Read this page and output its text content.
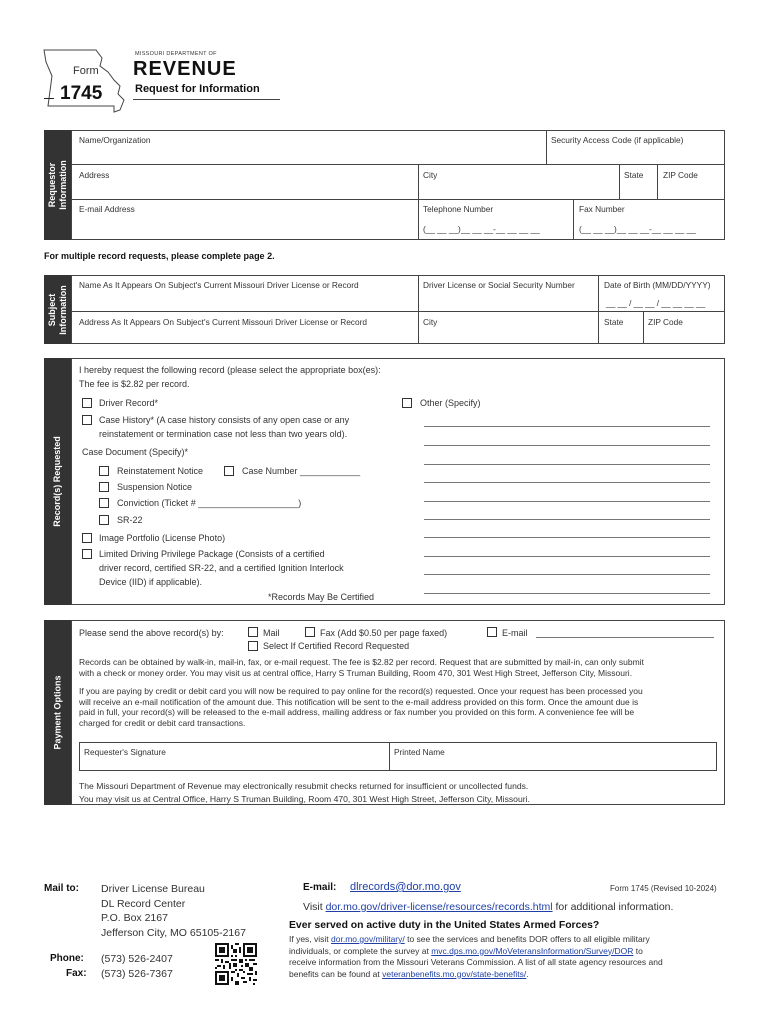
Form
1745
MISSOURI DEPARTMENT OF
REVENUE
Request for Information
Requestor Information
Name/Organization	Security Access Code (if applicable)
Address	City	State ZIP Code
E-mail Address	Telephone Number	Fax Number
(__ __ __)__ __ __-__ __ __ __	(__ __ __)__ __ __-__ __ __ __
For multiple record requests, please complete page 2.
Subject Information Name As It Appears On Subject's Current Missouri Driver License or Record	Driver License or Social Security Number	Date of Birth (MM/DD/YYYY)
__ __ / __ __ / __ __ __ __
Address As It Appears On Subject's Current Missouri Driver License or Record	City	State	ZIP Code
Record(s) Requested
I hereby request the following record (please select the appropriate box(es):
The fee is $2.82 per record.
Driver Record*
Case History* (A case history consists of any open case or any
reinstatement or termination case not less than two years old).
Case Document (Specify)*
Reinstatement Notice	Case Number ____________
Suspension Notice
Conviction (Ticket # ____________________)
SR-22
Image Portfolio (License Photo)
Limited Driving Privilege Package (Consists of a certified
driver record, certified SR-22, and a certified Ignition Interlock
Device (IID) if applicable).
*Records May Be Certified
Other (Specify)
Payment Options
Please send the above record(s) by:	Mail	Fax (Add $0.50 per page faxed)	E-mail
Select If Certified Record Requested
Records can be obtained by walk-in, mail-in, fax, or e-mail request. The fee is $2.82 per record. Request that are submitted by mail-in, can only submit
with a check or money order. You may visit us at central office, Harry S Truman Building, Room 470, 301 West High Street, Jefferson City, Missouri.
If you are paying by credit or debit card you will now be required to pay online for the record(s) requested. Once your request has been processed you
will receive an e-mail notification of the amount due. This notification will be sent to the e-mail address provided on this form. Once the amount due is
paid in full, your record(s) will be released to the e-mail address, mailing address or fax number you provided on this form. A convenience fee will be
charged for credit or debit card transactions.
Requester's Signature	Printed Name
The Missouri Department of Revenue may electronically resubmit checks returned for insufficient or uncollected funds.
You may visit us at Central Office, Harry S Truman Building, Room 470, 301 West High Street, Jefferson City, Missouri.
Mail to: Driver License Bureau
DL Record Center
P.O. Box 2167
Jefferson City, MO 65105-2167
Phone: (573) 526-2407
Fax: (573) 526-7367
E-mail: dlrecords@dor.mo.gov	Form 1745 (Revised 10-2024)
Visit dor.mo.gov/driver-license/resources/records.html for additional information.
Ever served on active duty in the United States Armed Forces?
If yes, visit dor.mo.gov/military/ to see the services and benefits DOR offers to all eligible military
individuals, or complete the survey at mvc.dps.mo.gov/MoVeteransInformation/Survey/DOR to
receive information from the Missouri Veterans Commission. A list of all state agency resources and
benefits can be found at veteranbenefits.mo.gov/state-benefits/.
